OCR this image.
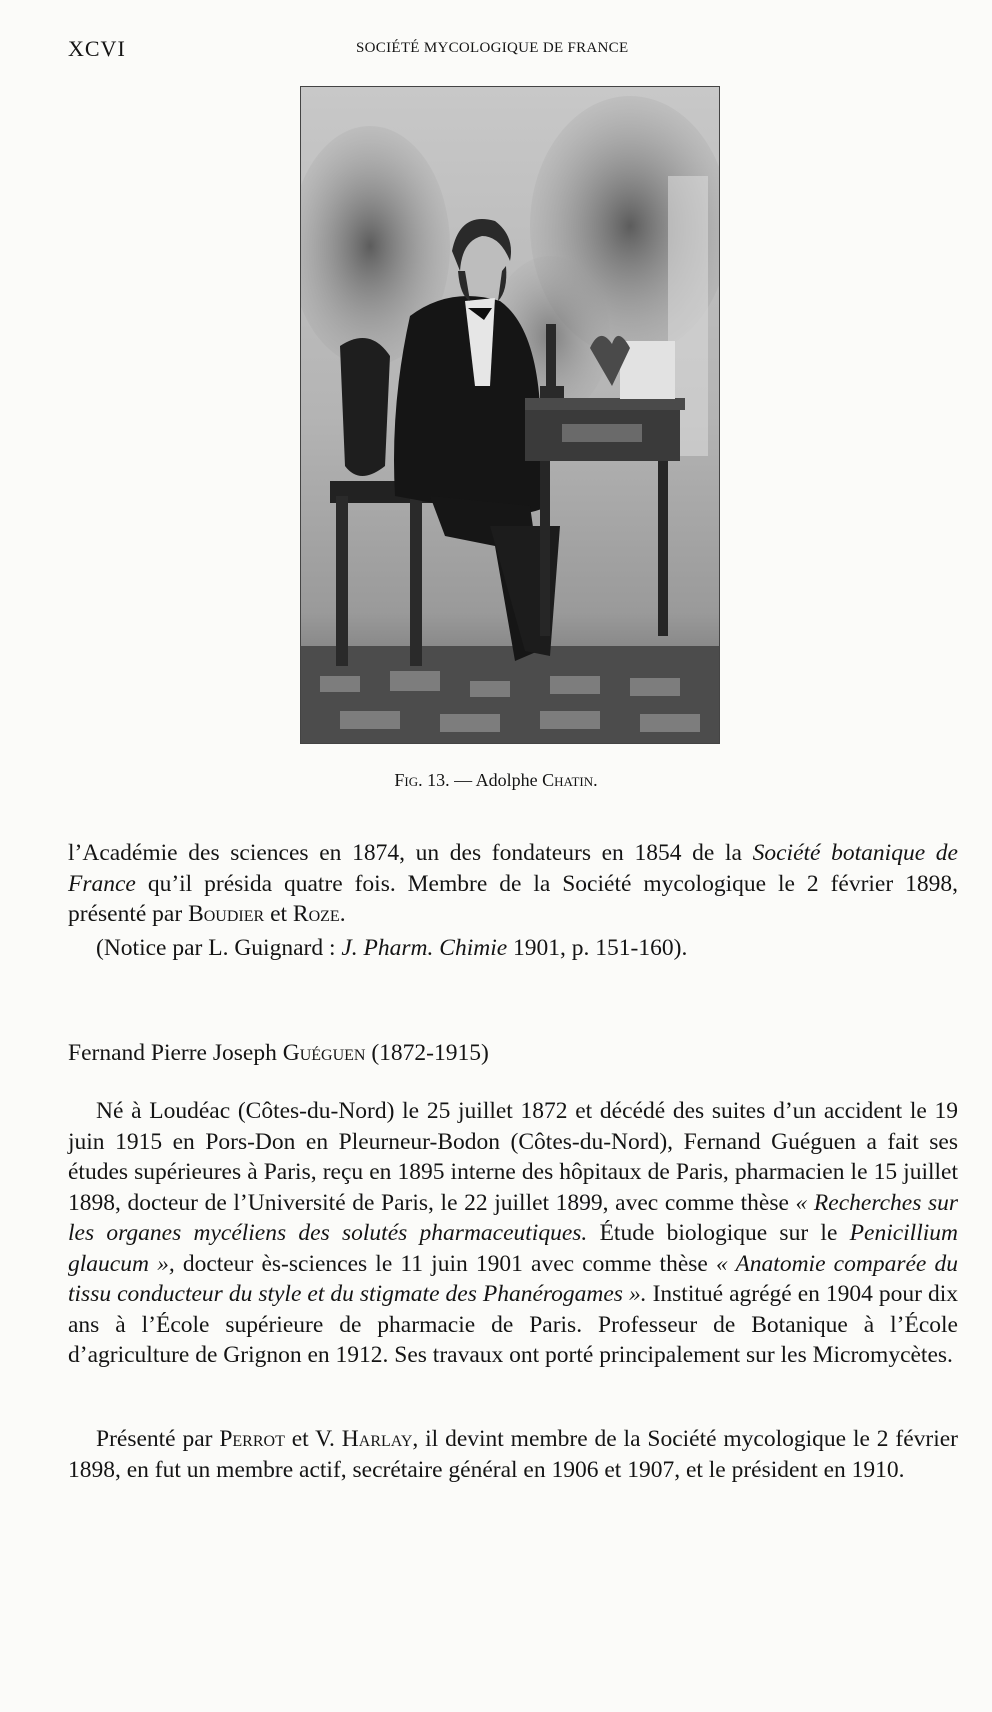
XCVI	SOCIÉTÉ MYCOLOGIQUE DE FRANCE
Fig. 13. — Adolphe Chatin.

l’Académie des sciences en 1874, un des fondateurs en 1854 de la Société botanique de France qu’il présida quatre fois. Membre de la Société mycologique le 2 février 1898, présenté par Boudier et Roze.

(Notice par L. Guignard : J. Pharm. Chimie 1901, p. 151-160).

Fernand Pierre Joseph Guéguen (1872-1915)

Né à Loudéac (Côtes-du-Nord) le 25 juillet 1872 et décédé des suites d’un accident le 19 juin 1915 en Pors-Don en Pleurneur-Bodon (Côtes-du-Nord), Fernand Guéguen a fait ses études supérieures à Paris, reçu en 1895 interne des hôpitaux de Paris, pharmacien le 15 juillet 1898, docteur de l’Université de Paris, le 22 juillet 1899, avec comme thèse « Recherches sur les organes mycéliens des solutés pharmaceutiques. Étude biologique sur le Penicillium glaucum », docteur ès-sciences le 11 juin 1901 avec comme thèse « Anatomie comparée du tissu conducteur du style et du stigmate des Phanérogames ». Institué agrégé en 1904 pour dix ans à l’École supérieure de pharmacie de Paris. Professeur de Botanique à l’École d’agriculture de Grignon en 1912. Ses travaux ont porté principalement sur les Micromycètes.

Présenté par Perrot et V. Harlay, il devint membre de la Société mycologique le 2 février 1898, en fut un membre actif, secrétaire général en 1906 et 1907, et le président en 1910.
